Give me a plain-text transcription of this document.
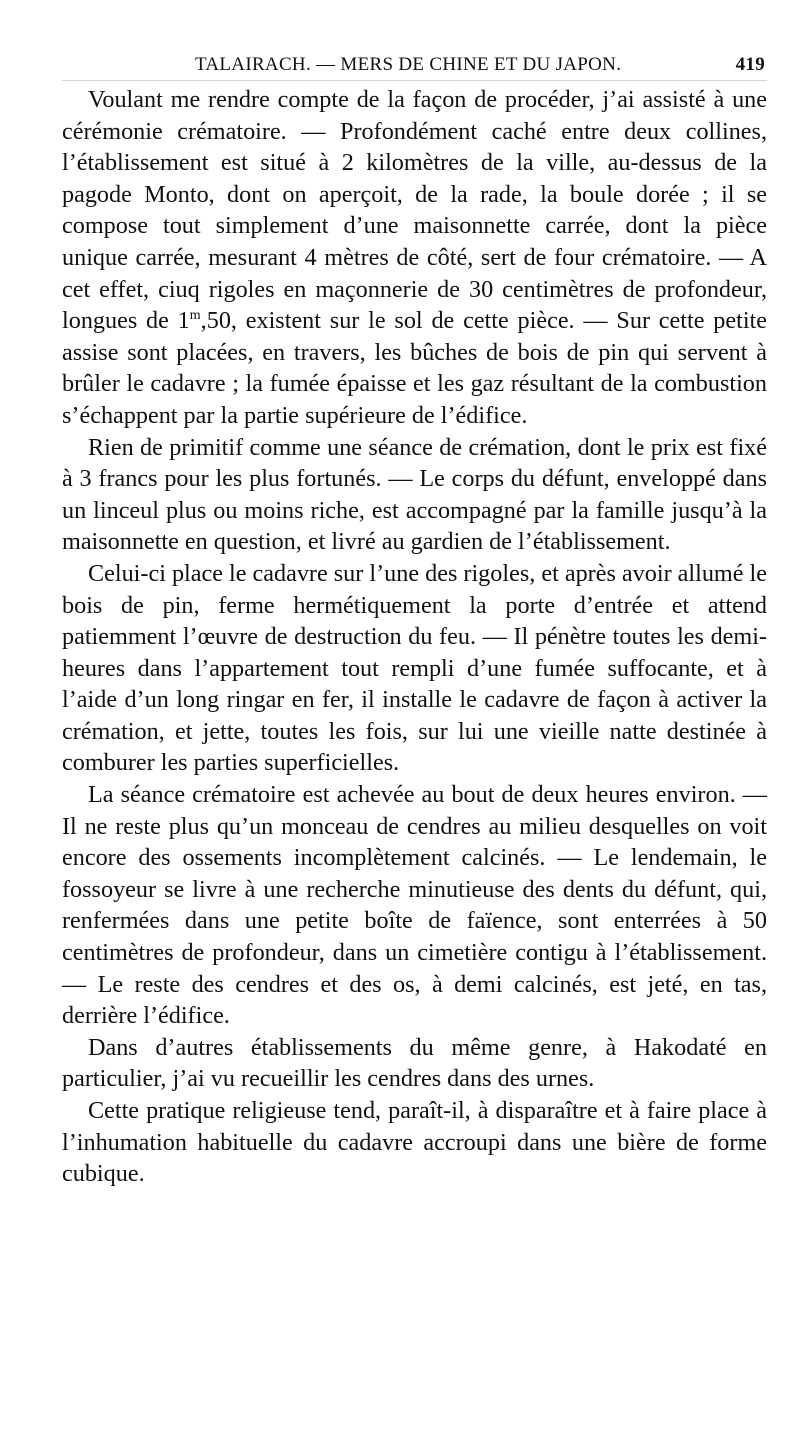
TALAIRACH. — MERS DE CHINE ET DU JAPON.	419

Voulant me rendre compte de la façon de procéder, j’ai assisté à une cérémonie crématoire. — Profondément caché entre deux collines, l’établissement est situé à 2 kilomètres de la ville, au-dessus de la pagode Monto, dont on aperçoit, de la rade, la boule dorée ; il se compose tout simplement d’une maisonnette carrée, dont la pièce unique carrée, mesurant 4 mètres de côté, sert de four crématoire. — A cet effet, ciuq rigoles en maçonnerie de 30 centimètres de profondeur, longues de 1$^m$,50, existent sur le sol de cette pièce. — Sur cette petite assise sont placées, en travers, les bûches de bois de pin qui servent à brûler le cadavre ; la fumée épaisse et les gaz résultant de la combustion s’échappent par la partie supérieure de l’édifice.

Rien de primitif comme une séance de crémation, dont le prix est fixé à 3 francs pour les plus fortunés. — Le corps du défunt, enveloppé dans un linceul plus ou moins riche, est accompagné par la famille jusqu’à la maisonnette en question, et livré au gardien de l’établissement.

Celui-ci place le cadavre sur l’une des rigoles, et après avoir allumé le bois de pin, ferme hermétiquement la porte d’entrée et attend patiemment l’œuvre de destruction du feu. — Il pénètre toutes les demi-heures dans l’appartement tout rempli d’une fumée suffocante, et à l’aide d’un long ringar en fer, il installe le cadavre de façon à activer la crémation, et jette, toutes les fois, sur lui une vieille natte destinée à comburer les parties superficielles.

La séance crématoire est achevée au bout de deux heures environ. — Il ne reste plus qu’un monceau de cendres au milieu desquelles on voit encore des ossements incomplètement calcinés. — Le lendemain, le fossoyeur se livre à une recherche minutieuse des dents du défunt, qui, renfermées dans une petite boîte de faïence, sont enterrées à 50 centimètres de profondeur, dans un cimetière contigu à l’établissement. — Le reste des cendres et des os, à demi calcinés, est jeté, en tas, derrière l’édifice.

Dans d’autres établissements du même genre, à Hakodaté en particulier, j’ai vu recueillir les cendres dans des urnes.

Cette pratique religieuse tend, paraît-il, à disparaître et à faire place à l’inhumation habituelle du cadavre accroupi dans une bière de forme cubique.
